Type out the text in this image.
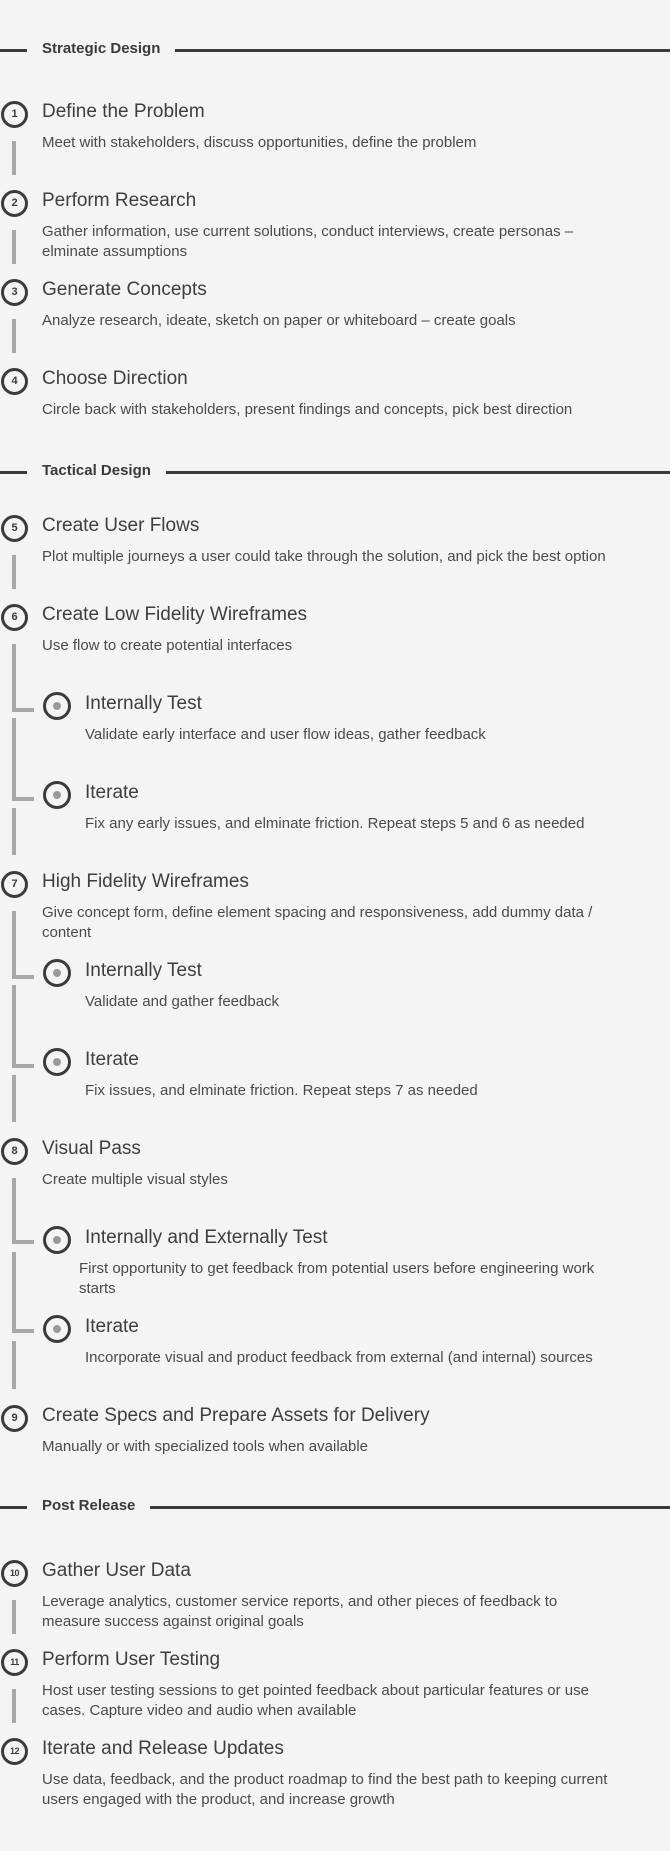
Strategic Design
1	Define the Problem
Meet with stakeholders, discuss opportunities, define the problem
2	Perform Research
Gather information, use current solutions, conduct interviews, create personas – elminate assumptions
3	Generate Concepts
Analyze research, ideate, sketch on paper or whiteboard – create goals
4	Choose Direction
Circle back with stakeholders, present findings and concepts, pick best direction
Tactical Design
5	Create User Flows
Plot multiple journeys a user could take through the solution, and pick the best option
6	Create Low Fidelity Wireframes
Use flow to create potential interfaces
Internally Test
Validate early interface and user flow ideas, gather feedback
Iterate
Fix any early issues, and elminate friction. Repeat steps 5 and 6 as needed
7	High Fidelity Wireframes
Give concept form, define element spacing and responsiveness, add dummy data / content
Internally Test
Validate and gather feedback
Iterate
Fix issues, and elminate friction. Repeat steps 7 as needed
8	Visual Pass
Create multiple visual styles
Internally and Externally Test
First opportunity to get feedback from potential users before engineering work starts
Iterate
Incorporate visual and product feedback from external (and internal) sources
9	Create Specs and Prepare Assets for Delivery
Manually or with specialized tools when available
Post Release
10	Gather User Data
Leverage analytics, customer service reports, and other pieces of feedback to measure success against original goals
11	Perform User Testing
Host user testing sessions to get pointed feedback about particular features or use cases. Capture video and audio when available
12	Iterate and Release Updates
Use data, feedback, and the product roadmap to find the best path to keeping current users engaged with the product, and increase growth
